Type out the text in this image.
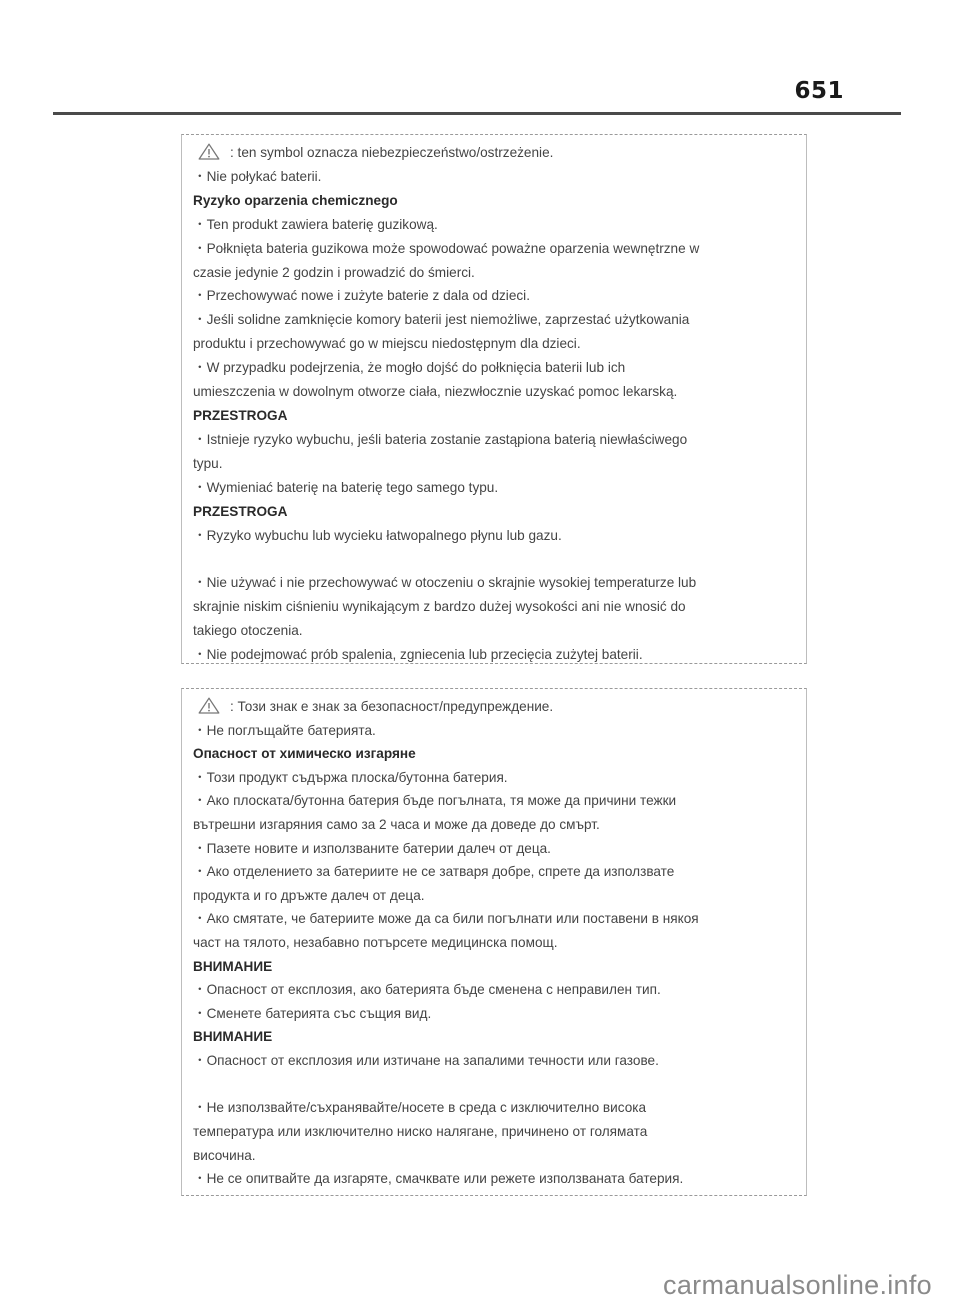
651
: ten symbol oznacza niebezpieczeństwo/ostrzeżenie.
・Nie połykać baterii.
Ryzyko oparzenia chemicznego
・Ten produkt zawiera baterię guzikową.
・Połknięta bateria guzikowa może spowodować poważne oparzenia wewnętrzne w
czasie jedynie 2 godzin i prowadzić do śmierci.
・Przechowywać nowe i zużyte baterie z dala od dzieci.
・Jeśli solidne zamknięcie komory baterii jest niemożliwe, zaprzestać użytkowania
produktu i przechowywać go w miejscu niedostępnym dla dzieci.
・W przypadku podejrzenia, że mogło dojść do połknięcia baterii lub ich
umieszczenia w dowolnym otworze ciała, niezwłocznie uzyskać pomoc lekarską.
PRZESTROGA
・Istnieje ryzyko wybuchu, jeśli bateria zostanie zastąpiona baterią niewłaściwego
typu.
・Wymieniać baterię na baterię tego samego typu.
PRZESTROGA
・Ryzyko wybuchu lub wycieku łatwopalnego płynu lub gazu.
・Nie używać i nie przechowywać w otoczeniu o skrajnie wysokiej temperaturze lub
skrajnie niskim ciśnieniu wynikającym z bardzo dużej wysokości ani nie wnosić do
takiego otoczenia.
・Nie podejmować prób spalenia, zgniecenia lub przecięcia zużytej baterii.
: Този знак е знак за безопасност/предупреждение.
・Не поглъщайте батерията.
Опасност от химическо изгаряне
・Този продукт съдържа плоска/бутонна батерия.
・Ако плоската/бутонна батерия бъде погълната, тя може да причини тежки
вътрешни изгаряния само за 2 часа и може да доведе до смърт.
・Пазете новите и използваните батерии далеч от деца.
・Ако отделението за батериите не се затваря добре, спрете да използвате
продукта и го дръжте далеч от деца.
・Ако смятате, че батериите може да са били погълнати или поставени в някоя
част на тялото, незабавно потърсете медицинска помощ.
ВНИМАНИЕ
・Опасност от експлозия, ако батерията бъде сменена с неправилен тип.
・Сменете батерията със същия вид.
ВНИМАНИЕ
・Опасност от експлозия или изтичане на запалими течности или газове.
・Не използвайте/съхранявайте/носете в среда с изключително висока
температура или изключително ниско налягане, причинено от голямата
височина.
・Не се опитвайте да изгаряте, смачквате или режете използваната батерия.
carmanualsonline.info
